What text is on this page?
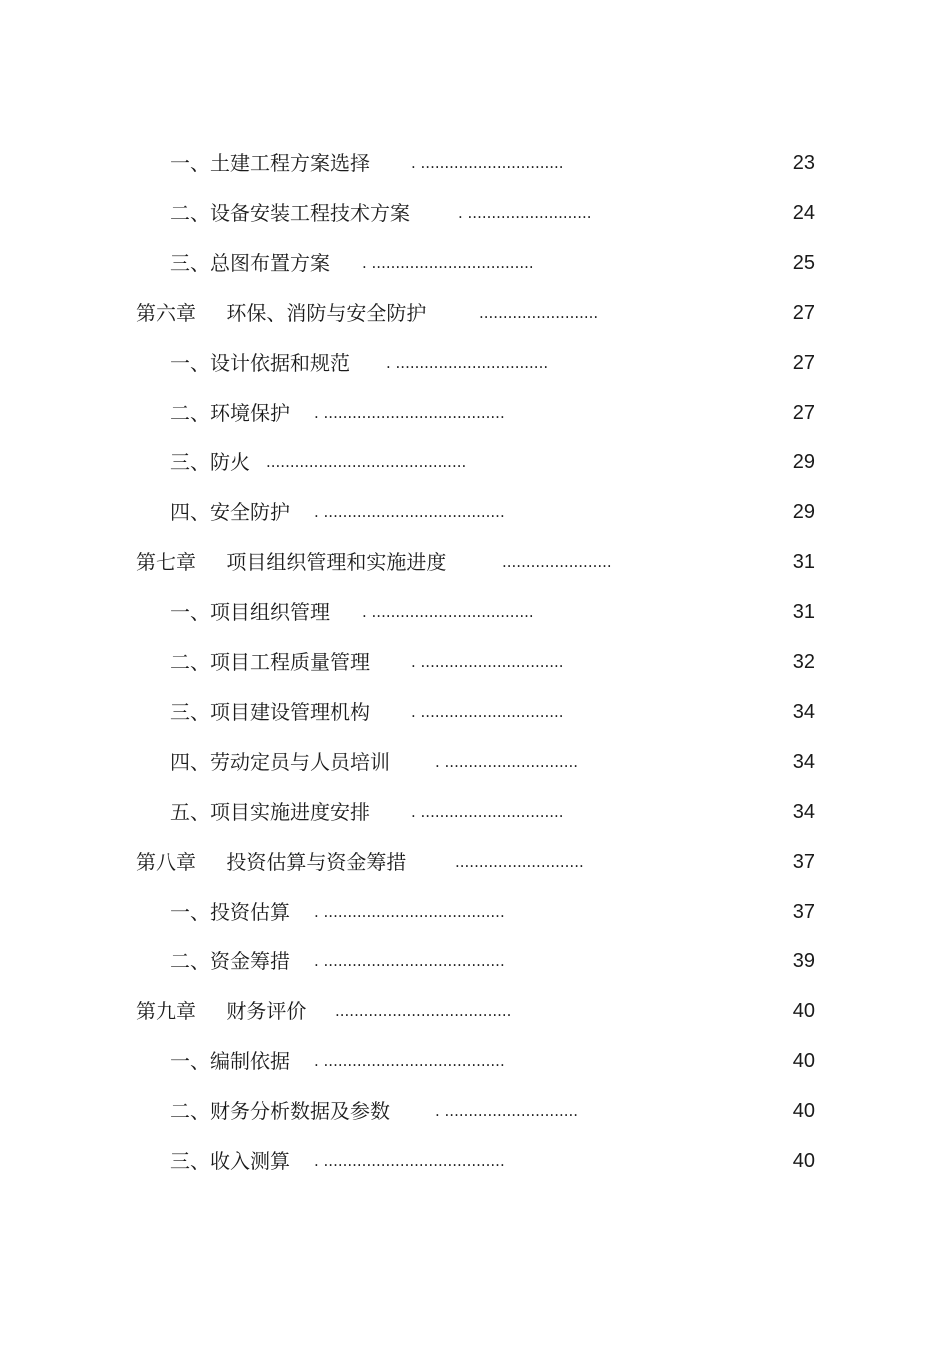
一、土建工程方案选择	. ..............................	23
二、设备安装工程技术方案	. ..........................	24
三、总图布置方案 . ..................................	25
第六章 环保、消防与安全防护	.........................	27
一、设计依据和规范 . ................................	27
二、环境保护 . ......................................	27
三、防火 ..........................................	29
四、安全防护 . ......................................	29
第七章 项目组织管理和实施进度	.......................	31
一、项目组织管理 . ..................................	31
二、项目工程质量管理	. ..............................	32
三、项目建设管理机构	. ..............................	34
四、劳动定员与人员培训	. ............................	34
五、项目实施进度安排	. ..............................	34
第八章 投资估算与资金筹措	...........................	37
一、投资估算 . ......................................	37
二、资金筹措 . ......................................	39
第九章 财务评价 .....................................	40
一、编制依据 . ......................................	40
二、财务分析数据及参数	. ............................	40
三、收入测算 . ......................................	40
